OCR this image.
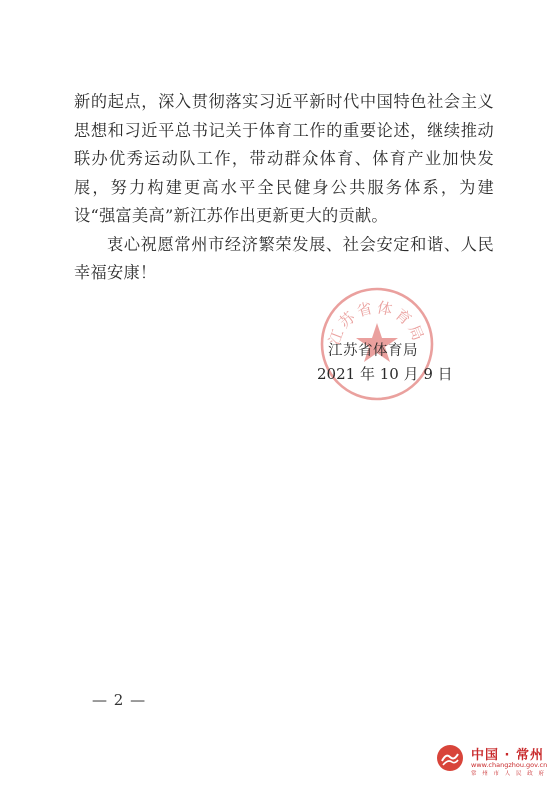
新的起点，深入贯彻落实习近平新时代中国特色社会主义思想和习近平总书记关于体育工作的重要论述，继续推动联办优秀运动队工作，带动群众体育、体育产业加快发展，努力构建更高水平全民健身公共服务体系，为建设“强富美高”新江苏作出更新更大的贡献。

衷心祝愿常州市经济繁荣发展、社会安定和谐、人民幸福安康！

江苏省体育局

江苏省体育局

2021 年 10 月 9 日

— 2 —

中国 · 常州

www.changzhou.gov.cn

常 州 市 人 民 政 府
